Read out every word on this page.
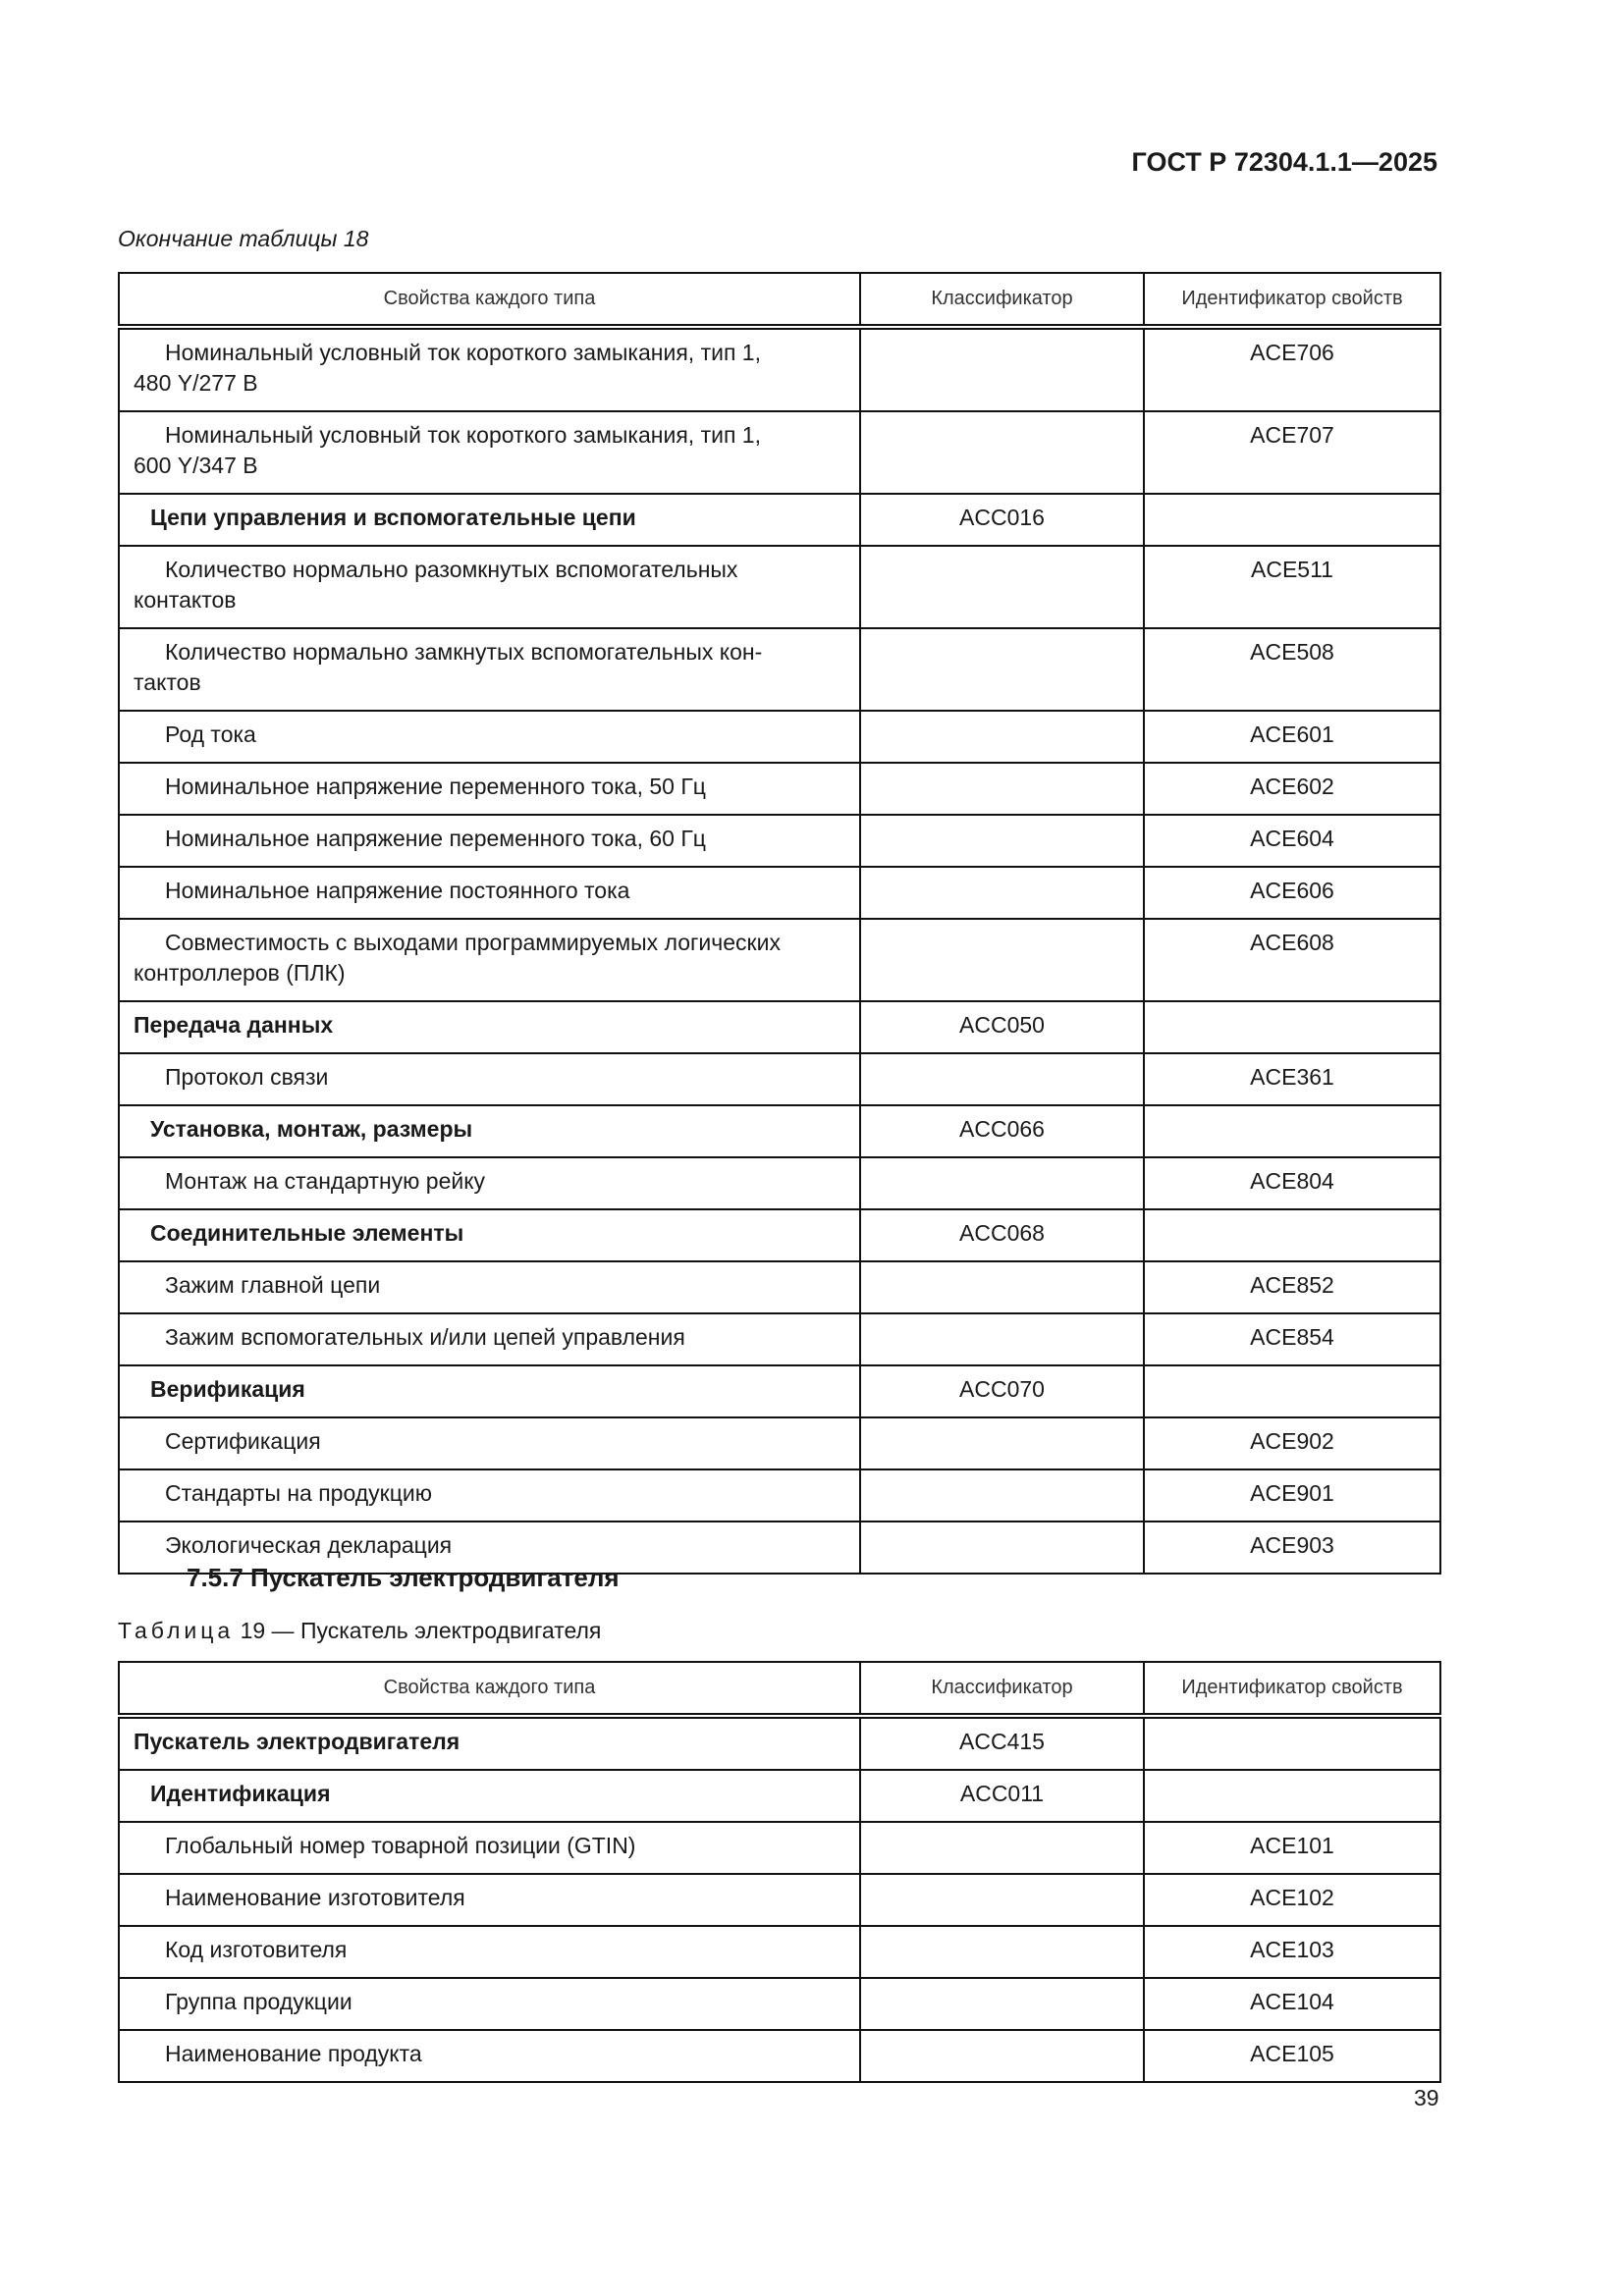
ГОСТ Р 72304.1.1—2025
Окончание таблицы 18
Свойства каждого типа	Классификатор	Идентификатор свойств
Номинальный условный ток короткого замыкания, тип 1,
480 Y/277 В		ACE706
Номинальный условный ток короткого замыкания, тип 1,
600 Y/347 В		ACE707
Цепи управления и вспомогательные цепи	ACC016	
Количество нормально разомкнутых вспомогательных
контактов		ACE511
Количество нормально замкнутых вспомогательных кон-
тактов		ACE508
Род тока		ACE601
Номинальное напряжение переменного тока, 50 Гц		ACE602
Номинальное напряжение переменного тока, 60 Гц		ACE604
Номинальное напряжение постоянного тока		ACE606
Совместимость с выходами программируемых логических
контроллеров (ПЛК)		ACE608
Передача данных	ACC050	
Протокол связи		ACE361
Установка, монтаж, размеры	ACC066	
Монтаж на стандартную рейку		ACE804
Соединительные элементы	ACC068	
Зажим главной цепи		ACE852
Зажим вспомогательных и/или цепей управления		ACE854
Верификация	ACC070	
Сертификация		ACE902
Стандарты на продукцию		ACE901
Экологическая декларация		ACE903
7.5.7 Пускатель электродвигателя
Таблица 19 — Пускатель электродвигателя
Свойства каждого типа	Классификатор	Идентификатор свойств
Пускатель электродвигателя	ACC415	
Идентификация	ACC011	
Глобальный номер товарной позиции (GTIN)		ACE101
Наименование изготовителя		ACE102
Код изготовителя		ACE103
Группа продукции		ACE104
Наименование продукта		ACE105
39
